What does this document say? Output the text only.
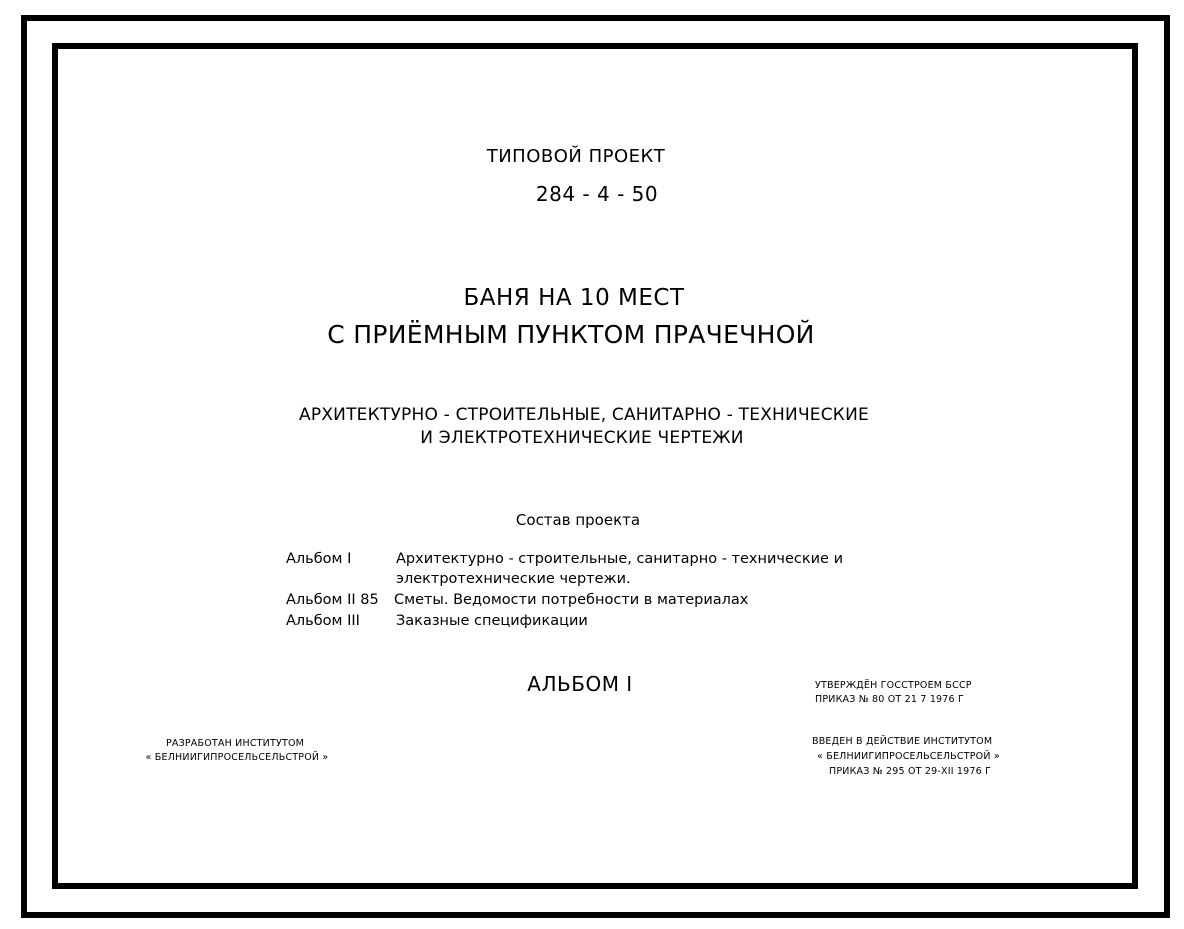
ТИПОВОЙ ПРОЕКТ
284 - 4 - 50
БАНЯ НА 10 МЕСТ
С ПРИЁМНЫМ ПУНКТОМ ПРАЧЕЧНОЙ
АРХИТЕКТУРНО - СТРОИТЕЛЬНЫЕ, САНИТАРНО - ТЕХНИЧЕСКИЕ
И ЭЛЕКТРОТЕХНИЧЕСКИЕ ЧЕРТЕЖИ
Состав проекта
Альбом I	Архитектурно - строительные, санитарно - технические и
электротехнические чертежи.
Альбом II 85 Сметы. Ведомости потребности в материалах
Альбом III Заказные спецификации
АЛЬБОМ I	УТВЕРЖДЁН ГОССТРОЕМ БССР
ПРИКАЗ № 80 ОТ 21 7 1976 Г
ВВЕДЕН В ДЕЙСТВИЕ ИНСТИТУТОМ
« БЕЛНИИГИПРОСЕЛЬСЕЛЬСТРОЙ »
ПРИКАЗ № 295 ОТ 29-XII 1976 Г
РАЗРАБОТАН ИНСТИТУТОМ
« БЕЛНИИГИПРОСЕЛЬСЕЛЬСТРОЙ »
